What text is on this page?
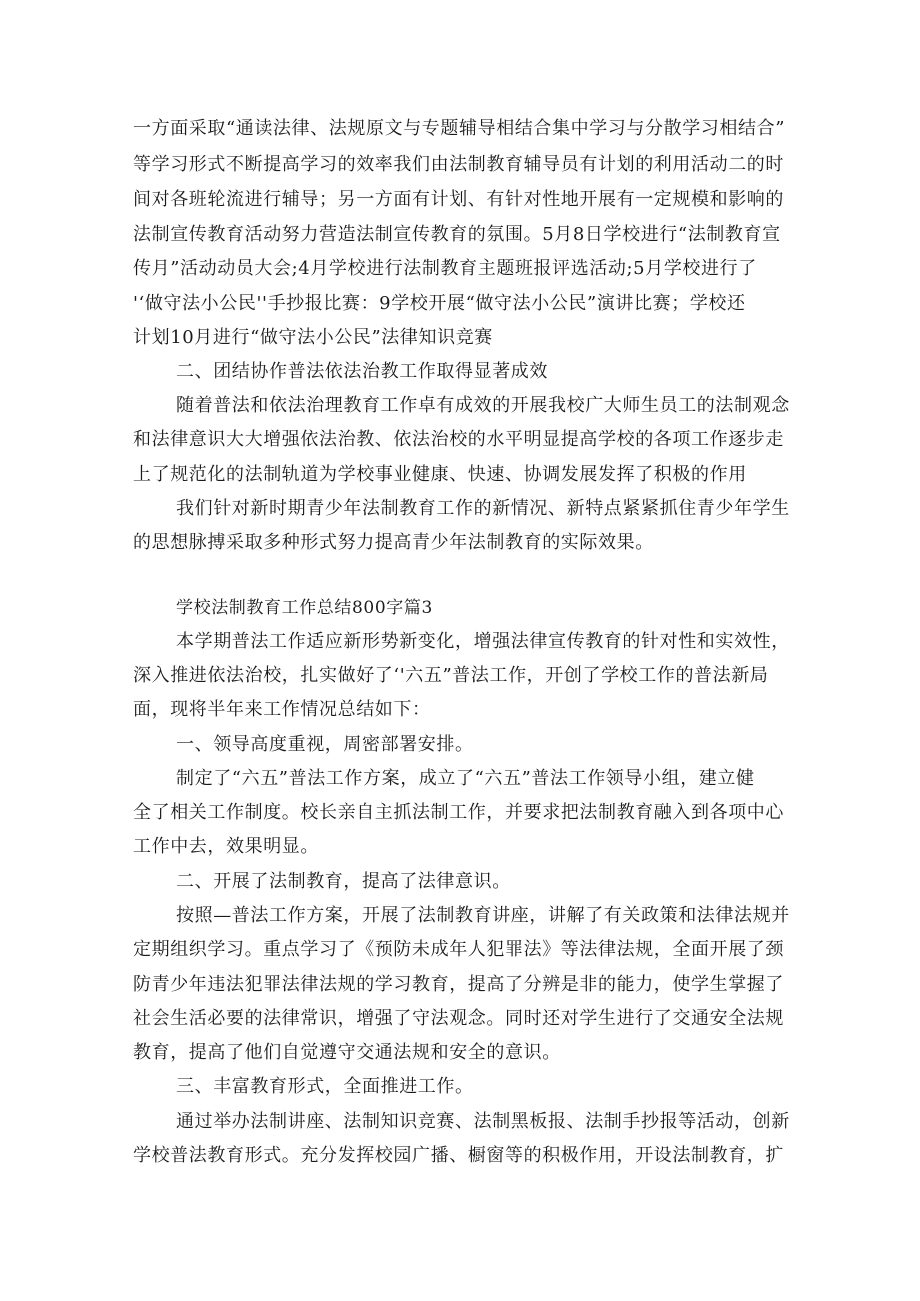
一方面采取“通读法律、法规原文与专题辅导相结合集中学习与分散学习相结合”
等学习形式不断提高学习的效率我们由法制教育辅导员有计划的利用活动二的时
间对各班轮流进行辅导；另一方面有计划、有针对性地开展有一定规模和影响的
法制宣传教育活动努力营造法制宣传教育的氛围。5月8日学校进行“法制教育宣
传月”活动动员大会;4月学校进行法制教育主题班报评选活动;5月学校进行了
'‘做守法小公民''手抄报比赛：9学校开展“做守法小公民”演讲比赛；学校还
计划10月进行“做守法小公民”法律知识竞赛
二、团结协作普法依法治教工作取得显著成效
随着普法和依法治理教育工作卓有成效的开展我校广大师生员工的法制观念
和法律意识大大增强依法治教、依法治校的水平明显提高学校的各项工作逐步走
上了规范化的法制轨道为学校事业健康、快速、协调发展发挥了积极的作用
我们针对新时期青少年法制教育工作的新情况、新特点紧紧抓住青少年学生
的思想脉搏采取多种形式努力提高青少年法制教育的实际效果。
学校法制教育工作总结800字篇3
本学期普法工作适应新形势新变化，增强法律宣传教育的针对性和实效性，
深入推进依法治校，扎实做好了‘'六五”普法工作，开创了学校工作的普法新局
面，现将半年来工作情况总结如下：
一、领导高度重视，周密部署安排。
制定了“六五”普法工作方案，成立了“六五”普法工作领导小组，建立健
全了相关工作制度。校长亲自主抓法制工作，并要求把法制教育融入到各项中心
工作中去，效果明显。
二、开展了法制教育，提高了法律意识。
按照—普法工作方案，开展了法制教育讲座，讲解了有关政策和法律法规并
定期组织学习。重点学习了《预防未成年人犯罪法》等法律法规，全面开展了颈
防青少年违法犯罪法律法规的学习教育，提高了分辨是非的能力，使学生掌握了
社会生活必要的法律常识，增强了守法观念。同时还对学生进行了交通安全法规
教育，提高了他们自觉遵守交通法规和安全的意识。
三、丰富教育形式，全面推进工作。
通过举办法制讲座、法制知识竞赛、法制黑板报、法制手抄报等活动，创新
学校普法教育形式。充分发挥校园广播、橱窗等的积极作用，开设法制教育，扩
